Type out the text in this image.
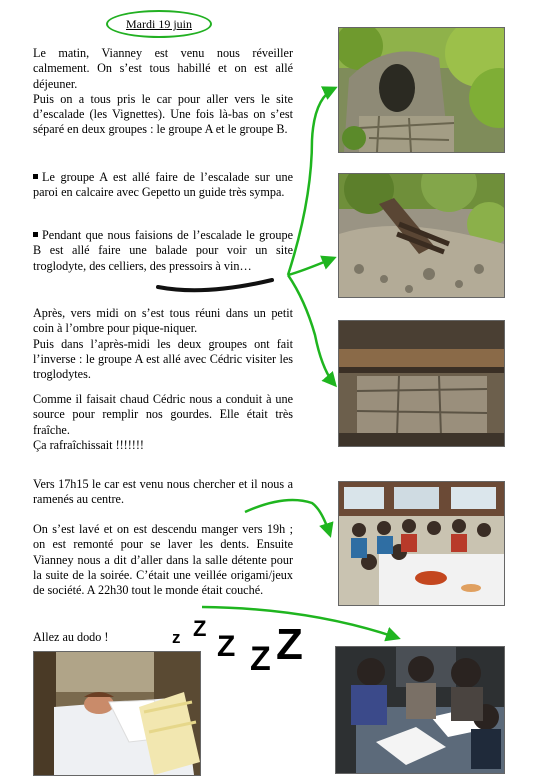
Mardi 19 juin

Le matin, Vianney est venu nous réveiller calmement. On s’est tous habillé et on est allé déjeuner.

Puis on a tous pris le car pour aller vers le site d’escalade (les Vignettes). Une fois là-bas on s’est séparé en deux groupes : le groupe A et le groupe B.

Le groupe A est allé faire de l’escalade sur une paroi en calcaire avec Gepetto un guide très sympa.
Pendant que nous faisions de l’escalade le groupe B est allé faire une balade pour voir un site troglodyte, des celliers, des pressoirs à vin…

Après, vers midi on s’est tous réuni dans un petit coin à l’ombre pour pique-niquer.

Puis dans l’après-midi les deux groupes ont fait l’inverse : le groupe A est allé avec Cédric visiter les troglodytes.

Comme il faisait chaud Cédric nous a conduit à une source pour remplir nos gourdes. Elle était très fraîche.

Ça rafraîchissait !!!!!!!

Vers 17h15 le car est venu nous chercher et il nous a ramenés au centre.

On s’est lavé et on est descendu manger vers 19h ; on est remonté pour se laver les dents. Ensuite Vianney nous a dit d’aller dans la salle détente pour la suite de la soirée. C’était une veillée origami/jeux de société. A 22h30 tout le monde était couché.

Allez au dodo !	z Z
Z Z Z
